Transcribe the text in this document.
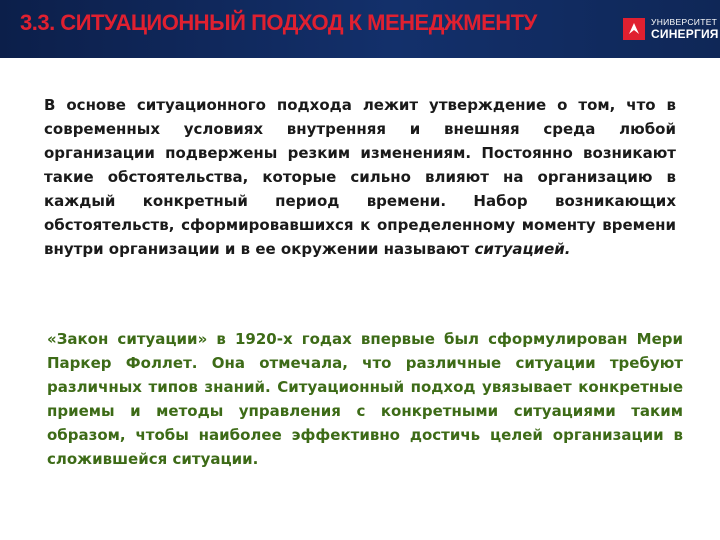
3.3. СИТУАЦИОННЫЙ ПОДХОД К МЕНЕДЖМЕНТУ	УНИВЕРСИТЕТ
СИНЕРГИЯ

В основе ситуационного подхода лежит утверждение о том, что в современных условиях внутренняя и внешняя среда любой организации подвержены резким изменениям. Постоянно возникают такие обстоятельства, которые сильно влияют на организацию в каждый конкретный период времени. Набор возникающих обстоятельств, сформировавшихся к определенному моменту времени внутри организации и в ее окружении называют ситуацией.

«Закон ситуации» в 1920-х годах впервые был сформулирован Мери Паркер Фоллет. Она отмечала, что различные ситуации требуют различных типов знаний. Ситуационный подход увязывает конкретные приемы и методы управления с конкретными ситуациями таким образом, чтобы наиболее эффективно достичь целей организации в сложившейся ситуации.
